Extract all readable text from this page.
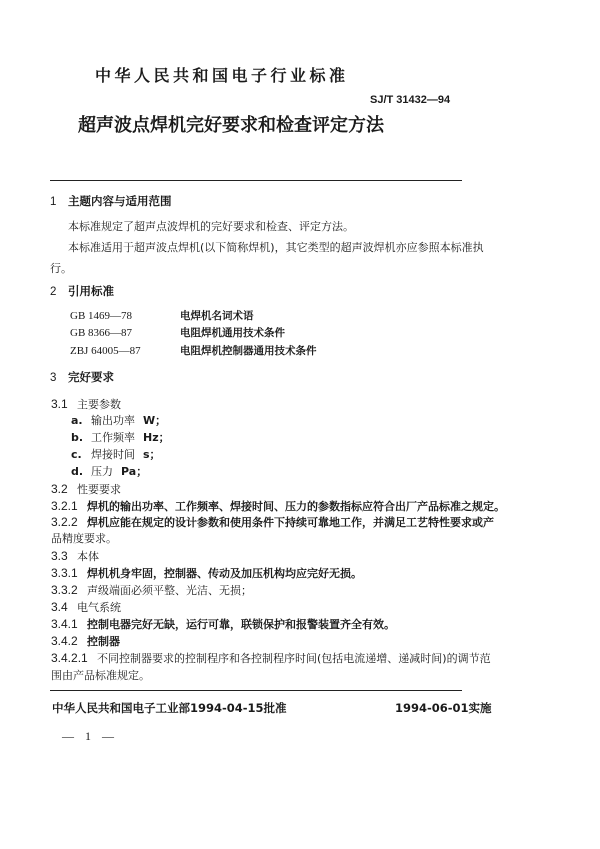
中华人民共和国电子行业标准
SJ/T 31432—94
超声波点焊机完好要求和检查评定方法
1 主题内容与适用范围
本标准规定了超声点波焊机的完好要求和检查、评定方法。
本标准适用于超声波点焊机(以下简称焊机)，其它类型的超声波焊机亦应参照本标准执
行。
2 引用标准
GB 1469—78	电焊机名词术语
GB 8366—87	电阻焊机通用技术条件
ZBJ 64005—87	电阻焊机控制器通用技术条件
3 完好要求
3.1 主要参数
a. 输出功率 W；
b. 工作频率 Hz；
c. 焊接时间 s；
d. 压力 Pa；
3.2 性要要求
3.2.1 焊机的输出功率、工作频率、焊接时间、压力的参数指标应符合出厂产品标准之规定。
3.2.2 焊机应能在规定的设计参数和使用条件下持续可靠地工作，并满足工艺特性要求或产
品精度要求。
3.3 本体
3.3.1 焊机机身牢固，控制器、传动及加压机构均应完好无损。
3.3.2 声级端面必须平整、光洁、无损；
3.4 电气系统
3.4.1 控制电器完好无缺，运行可靠，联锁保护和报警装置齐全有效。
3.4.2 控制器
3.4.2.1 不同控制器要求的控制程序和各控制程序时间(包括电流递增、递减时间)的调节范
围由产品标准规定。
中华人民共和国电子工业部1994-04-15批准	1994-06-01实施
— 1 —
